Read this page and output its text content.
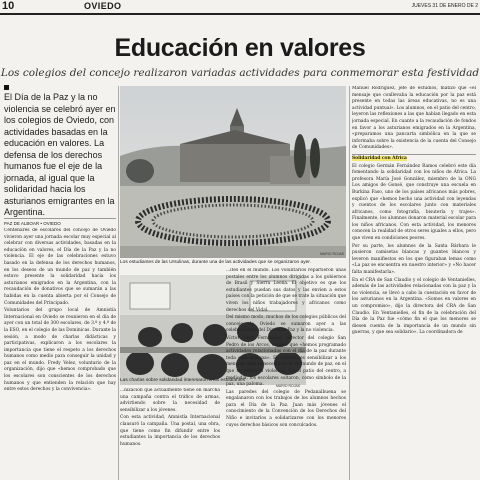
10	OVIEDO	JUEVES 31 DE ENERO DE 2
Educación en valores
Los colegios del concejo realizaron variadas actividades para conmemorar esta festividad
El Día de la Paz y la no violencia se celebró ayer en los colegios de Oviedo, con actividades basadas en la educación en valores. La defensa de los derechos humanos fue el eje de la jornada, al igual que la solidaridad hacia los asturianos emigrantes en la Argentina.
PAZ DE ALBOAR • OVIEDO

Centenares de escolares del concejo de Oviedo vivieron ayer una jornada escolar muy especial al celebrar con diversas actividades, basadas en la educación en valores, el Día de la Paz y la no violencia. El eje de las celebraciones estuvo basado en la defensa de los derechos humanos, en los deseos de un mundo de paz y también estuvo presente la solidaridad hacia los asturianos emigrados en la Argentina, con la recaudación de donativos que se sumarán a las habidas en la cuenta abierta por el Consejo de Comunidades del Principado.

Voluntarios del grupo local de Amnistía Internacional en Oviedo se reunieron en el día de ayer con un total de 300 escolares, de 3.º y 4.º de la ESO, en el colegio de las Dominicas. Durante la sesión, a modo de charlas didácticas y participativas, explicaron a los escolares la importancia que tiene el respeto a los derechos humanos como medio para conseguir la unidad y paz en el mundo. Fredy Velez, voluntario de la organización, dijo que «hemos comprobado que los escolares son conscientes de los derechos humanos y que entienden la relación que hay entre estos derechos y la convivencia».

MARIO ROJAS
Los estudiantes de las Ursulinas, durante una de las actividades que se organizaron ayer.

...nización que actualmente tiene en marcha una campaña contra el tráfico de armas, advirtiendo sobre la necesidad de sensibilizar a los jóvenes.

Con esta actividad, Amnistía Internacional clausuró la campaña. Una postal, una obra, que tiene como fin difundir entre los estudiantes la importancia de los derechos humanos.

MARIO ROJAS
Las charlas sobre solidaridad interesaron a los estudiantes

...ités en el mundo. Los voluntarios repartieron unas postales entre los alumnos dirigidas a los gobiernos de Brasil y Sierra Leona. El objetivo es que los estudiantes puedan sus datos y las envíen a estos países con la petición de que se trate la situación que viven los niños trabajadores y africanos como derechos del Vidal.

Del mismo modo, muchos de los colegios públicos del concejo de Oviedo se sumaron ayer a las celebraciones del Día de la Paz y la no violencia.

Víctor León Fernández, director del colegio San Pedro de los Arcos, explicó que «hemos programado actividades relacionadas con el día de la paz durante toda esta semana». El objetivo es sensibilizar a los menores ante la necesidad de un mundo de paz, en el que no exista la violencia. En el patio del centro, a mediodía, los escolares soltaron, como símbolo de la paz, una paloma.

Las paredes del colegio de Pedanalbuena se engalanaron con los trabajos de los alumnos hechos para el Día de la Paz. Juan más jóvenes el conocimiento de la Convención de los Derechos del Niño e invitarlos a solidarizarse con los menores cuyos derechos básicos son conculcados.

Manuel Rodríguez, jefe de estudios, matizó que «el mensaje que conllevaba la educación por la paz está presente en todas las áreas educativas, no es una actividad puntual». Los alumnos, en el patio del centro, leyeron las reflexiones a las que habían llegado en esta jornada especial. En cuanto a la recaudación de fondos en favor a los asturianos emigrados en la Argentina, «preparamos una pancarta simbólica en la que se informaba sobre la existencia de la cuenta del Consejo de Comunidades».

Solidaridad con África

El colegio Germán Fernández Ramos celebró este día fomentando la solidaridad con los niños de África. La profesora María José González, miembro de la ONG Los amigos de Gonsé, que construye una escuela en Burkina Faso, uno de los países africanos más pobres, explicó que «hemos hecho una actividad con leyendas y cuentos de los escolares junto con materiales africanos, como fotografía, bisutería y trajes». Finalmente, los alumnos donaron material escolar para los niños africanos. Con esta actividad, los menores conocen la realidad de otros seres iguales a ellos, pero que viven en condiciones peores.

Por su parte, los alumnos de la Santa Bárbara le pusieron camisetas blancas y guantes blancos y leveron manifiestos en los que figuraban lemas como «La paz se encuentra en nuestro interior» y «No hacer falta manifestarla».

En el CRA de San Claudio y el colegio de Ventanielles, además de las actividades relacionadas con la paz y la no violencia, se llevó a cabo la cuestación en favor de los asturianos en la Argentina. «Somos en valores en un compromiso», dijo la directora del CRA de San Claudio. En Ventanielles, el fin de la celebración del Día de la Paz fue «cómo fin el que los menores se diesen cuenta de la importancia de un mundo sin guerras, y que sea solidario». La coordinadora de
